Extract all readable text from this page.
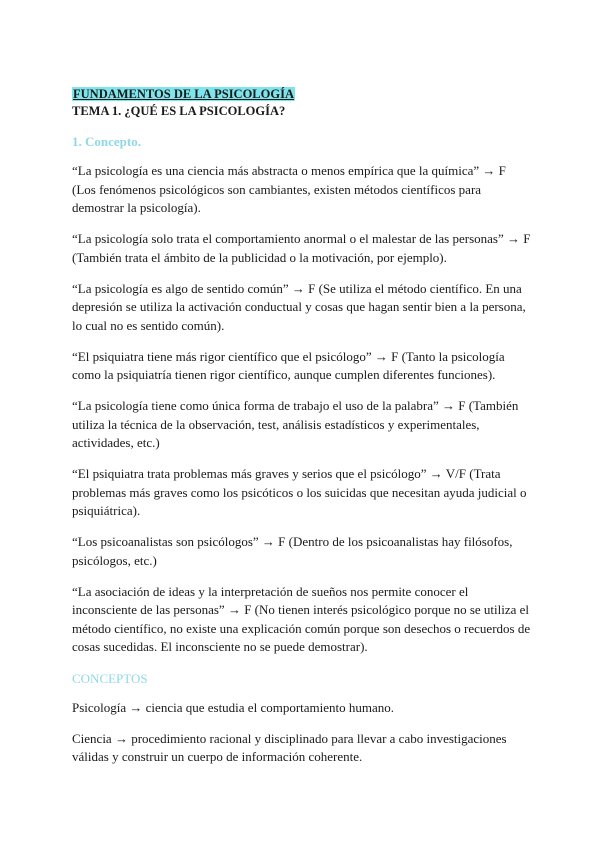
FUNDAMENTOS DE LA PSICOLOGÍA
TEMA 1. ¿QUÉ ES LA PSICOLOGÍA?
1. Concepto.

“La psicología es una ciencia más abstracta o menos empírica que la química” → F (Los fenómenos psicológicos son cambiantes, existen métodos científicos para demostrar la psicología).

“La psicología solo trata el comportamiento anormal o el malestar de las personas” → F (También trata el ámbito de la publicidad o la motivación, por ejemplo).

“La psicología es algo de sentido común” → F (Se utiliza el método científico. En una depresión se utiliza la activación conductual y cosas que hagan sentir bien a la persona, lo cual no es sentido común).

“El psiquiatra tiene más rigor científico que el psicólogo” → F (Tanto la psicología como la psiquiatría tienen rigor científico, aunque cumplen diferentes funciones).

“La psicología tiene como única forma de trabajo el uso de la palabra” → F (También utiliza la técnica de la observación, test, análisis estadísticos y experimentales, actividades, etc.)

“El psiquiatra trata problemas más graves y serios que el psicólogo” → V/F (Trata problemas más graves como los psicóticos o los suicidas que necesitan ayuda judicial o psiquiátrica).

“Los psicoanalistas son psicólogos” → F (Dentro de los psicoanalistas hay filósofos, psicólogos, etc.)

“La asociación de ideas y la interpretación de sueños nos permite conocer el inconsciente de las personas” → F (No tienen interés psicológico porque no se utiliza el método científico, no existe una explicación común porque son desechos o recuerdos de cosas sucedidas. El inconsciente no se puede demostrar).

CONCEPTOS

Psicología → ciencia que estudia el comportamiento humano.

Ciencia → procedimiento racional y disciplinado para llevar a cabo investigaciones válidas y construir un cuerpo de información coherente.
